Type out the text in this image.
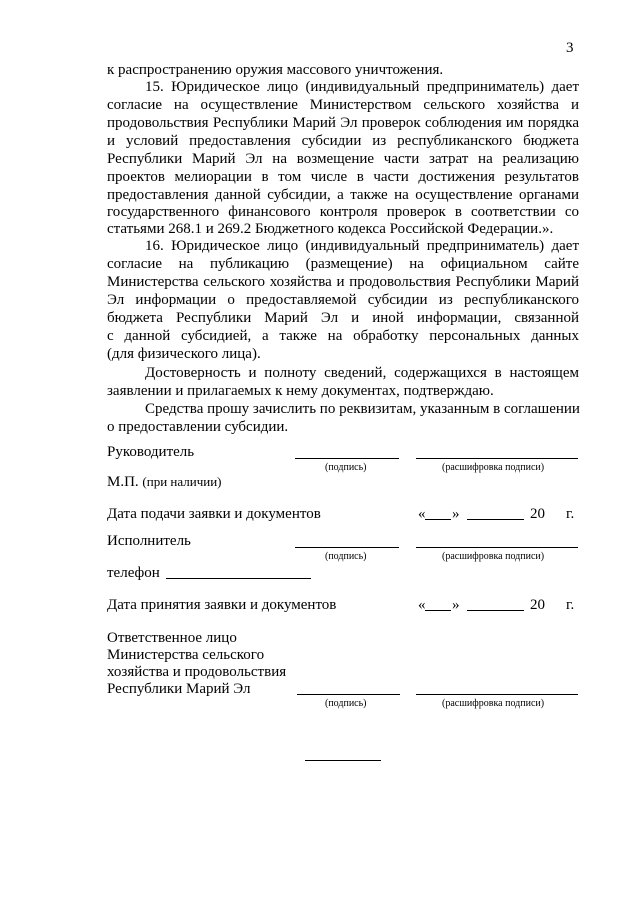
3
к распространению оружия массового уничтожения.
15. Юридическое лицо (индивидуальный предприниматель) дает
согласие на осуществление Министерством сельского хозяйства и
продовольствия Республики Марий Эл проверок соблюдения им порядка
и условий предоставления субсидии из республиканского бюджета
Республики Марий Эл на возмещение части затрат на реализацию
проектов мелиорации в том числе в части достижения результатов
предоставления данной субсидии, а также на осуществление органами
государственного финансового контроля проверок в соответствии со
статьями 268.1 и 269.2 Бюджетного кодекса Российской Федерации.».
16. Юридическое лицо (индивидуальный предприниматель) дает
согласие на публикацию (размещение) на официальном сайте
Министерства сельского хозяйства и продовольствия Республики Марий
Эл информации о предоставляемой субсидии из республиканского
бюджета Республики Марий Эл и иной информации, связанной
с данной субсидией, а также на обработку персональных данных
(для физического лица).
Достоверность и полноту сведений, содержащихся в настоящем
заявлении и прилагаемых к нему документах, подтверждаю.
Средства прошу зачислить по реквизитам, указанным в соглашении
о предоставлении субсидии.
Руководитель
(подпись)	(расшифровка подписи)
М.П. (при наличии)
Дата подачи заявки и документов	« »	20 г.
Исполнитель
(подпись)	(расшифровка подписи)
телефон
Дата принятия заявки и документов	« »	20 г.
Ответственное лицо
Министерства сельского
хозяйства и продовольствия
Республики Марий Эл
(подпись)	(расшифровка подписи)
